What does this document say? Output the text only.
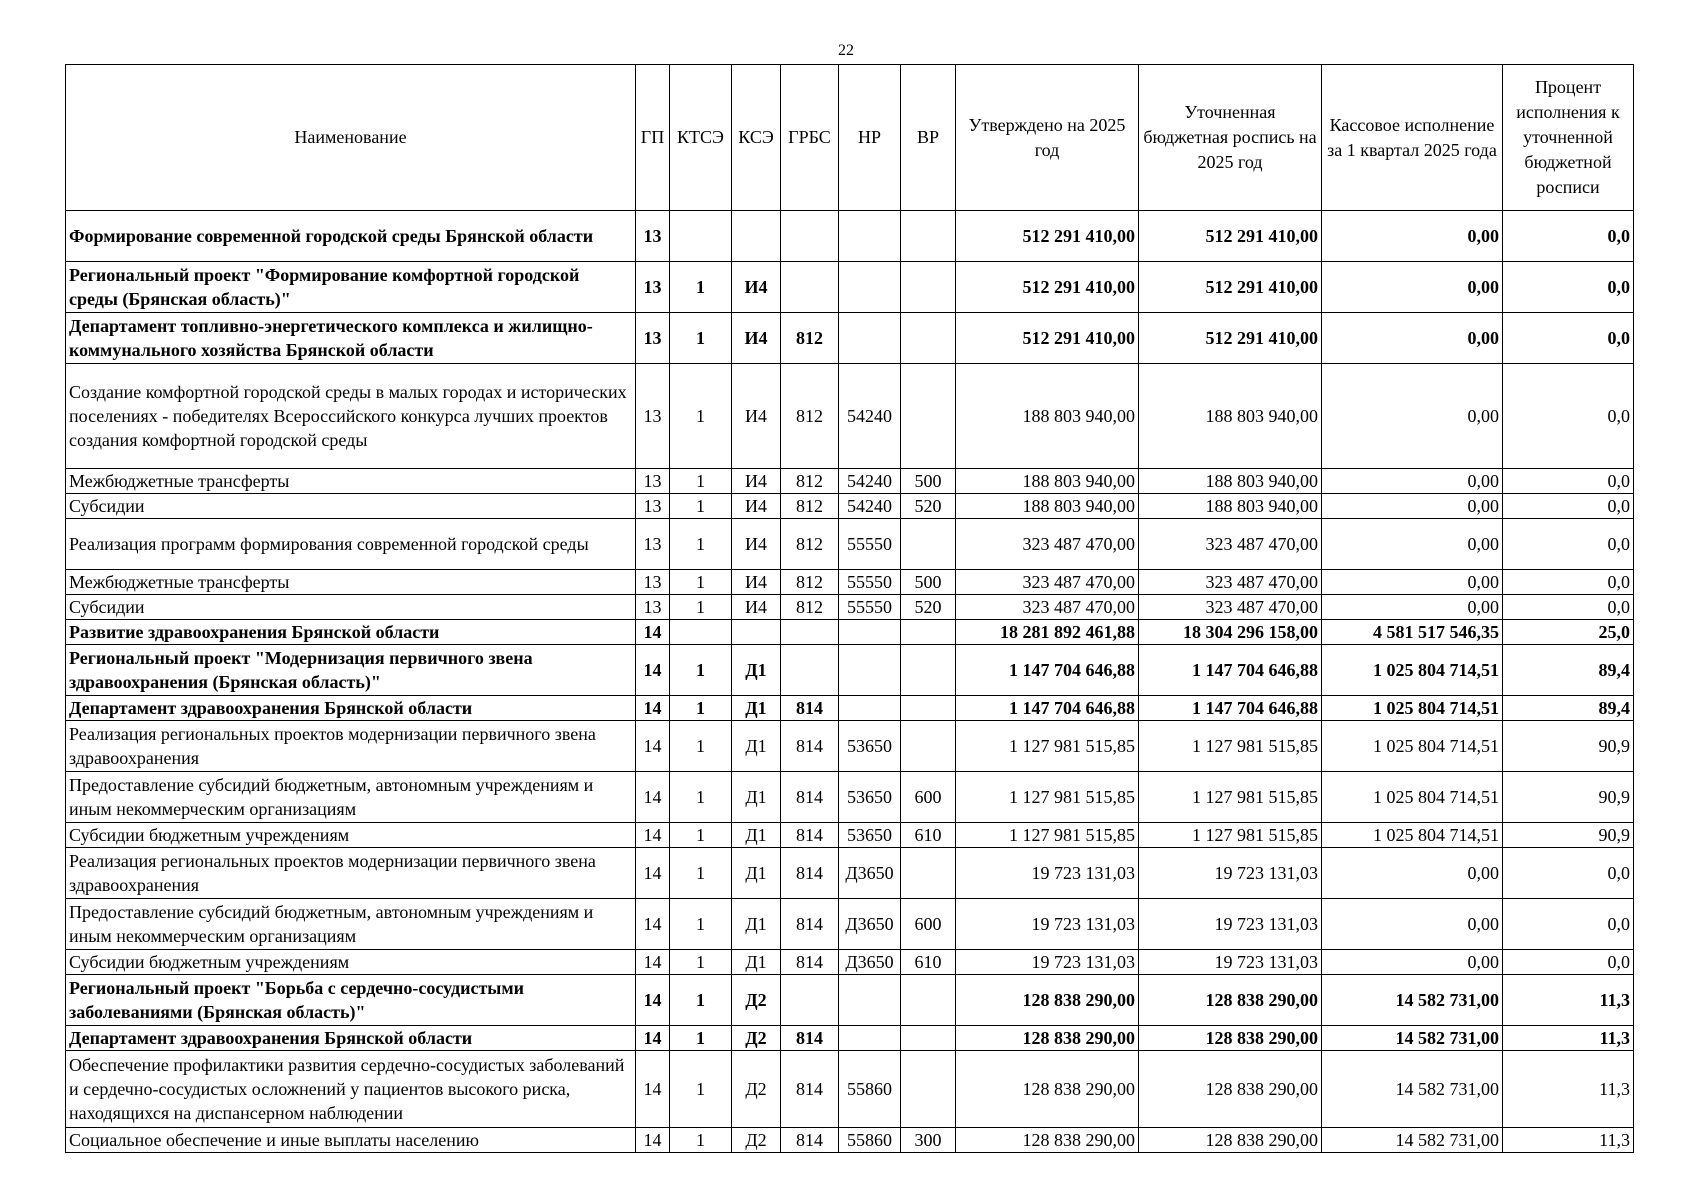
22
Наименование	ГП	КТСЭ	КСЭ	ГРБС	НР	ВР	Утверждено на 2025 год	Уточненная бюджетная роспись на 2025 год	Кассовое исполнение за 1 квартал 2025 года	Процент исполнения к уточненной бюджетной росписи
Формирование современной городской среды Брянской области	13						512 291 410,00	512 291 410,00	0,00	0,0
Региональный проект "Формирование комфортной городской среды (Брянская область)"	13	1	И4				512 291 410,00	512 291 410,00	0,00	0,0
Департамент топливно-энергетического комплекса и жилищно-коммунального хозяйства Брянской области	13	1	И4	812			512 291 410,00	512 291 410,00	0,00	0,0
Создание комфортной городской среды в малых городах и исторических поселениях - победителях Всероссийского конкурса лучших проектов создания комфортной городской среды	13	1	И4	812	54240		188 803 940,00	188 803 940,00	0,00	0,0
Межбюджетные трансферты	13	1	И4	812	54240	500	188 803 940,00	188 803 940,00	0,00	0,0
Субсидии	13	1	И4	812	54240	520	188 803 940,00	188 803 940,00	0,00	0,0
Реализация программ формирования современной городской среды	13	1	И4	812	55550		323 487 470,00	323 487 470,00	0,00	0,0
Межбюджетные трансферты	13	1	И4	812	55550	500	323 487 470,00	323 487 470,00	0,00	0,0
Субсидии	13	1	И4	812	55550	520	323 487 470,00	323 487 470,00	0,00	0,0
Развитие здравоохранения Брянской области	14						18 281 892 461,88	18 304 296 158,00	4 581 517 546,35	25,0
Региональный проект "Модернизация первичного звена здравоохранения (Брянская область)"	14	1	Д1				1 147 704 646,88	1 147 704 646,88	1 025 804 714,51	89,4
Департамент здравоохранения Брянской области	14	1	Д1	814			1 147 704 646,88	1 147 704 646,88	1 025 804 714,51	89,4
Реализация региональных проектов модернизации первичного звена здравоохранения	14	1	Д1	814	53650		1 127 981 515,85	1 127 981 515,85	1 025 804 714,51	90,9
Предоставление субсидий бюджетным, автономным учреждениям и иным некоммерческим организациям	14	1	Д1	814	53650	600	1 127 981 515,85	1 127 981 515,85	1 025 804 714,51	90,9
Субсидии бюджетным учреждениям	14	1	Д1	814	53650	610	1 127 981 515,85	1 127 981 515,85	1 025 804 714,51	90,9
Реализация региональных проектов модернизации первичного звена здравоохранения	14	1	Д1	814	Д3650		19 723 131,03	19 723 131,03	0,00	0,0
Предоставление субсидий бюджетным, автономным учреждениям и иным некоммерческим организациям	14	1	Д1	814	Д3650	600	19 723 131,03	19 723 131,03	0,00	0,0
Субсидии бюджетным учреждениям	14	1	Д1	814	Д3650	610	19 723 131,03	19 723 131,03	0,00	0,0
Региональный проект "Борьба с сердечно-сосудистыми заболеваниями (Брянская область)"	14	1	Д2				128 838 290,00	128 838 290,00	14 582 731,00	11,3
Департамент здравоохранения Брянской области	14	1	Д2	814			128 838 290,00	128 838 290,00	14 582 731,00	11,3
Обеспечение профилактики развития сердечно-сосудистых заболеваний и сердечно-сосудистых осложнений у пациентов высокого риска, находящихся на диспансерном наблюдении	14	1	Д2	814	55860		128 838 290,00	128 838 290,00	14 582 731,00	11,3
Социальное обеспечение и иные выплаты населению	14	1	Д2	814	55860	300	128 838 290,00	128 838 290,00	14 582 731,00	11,3
